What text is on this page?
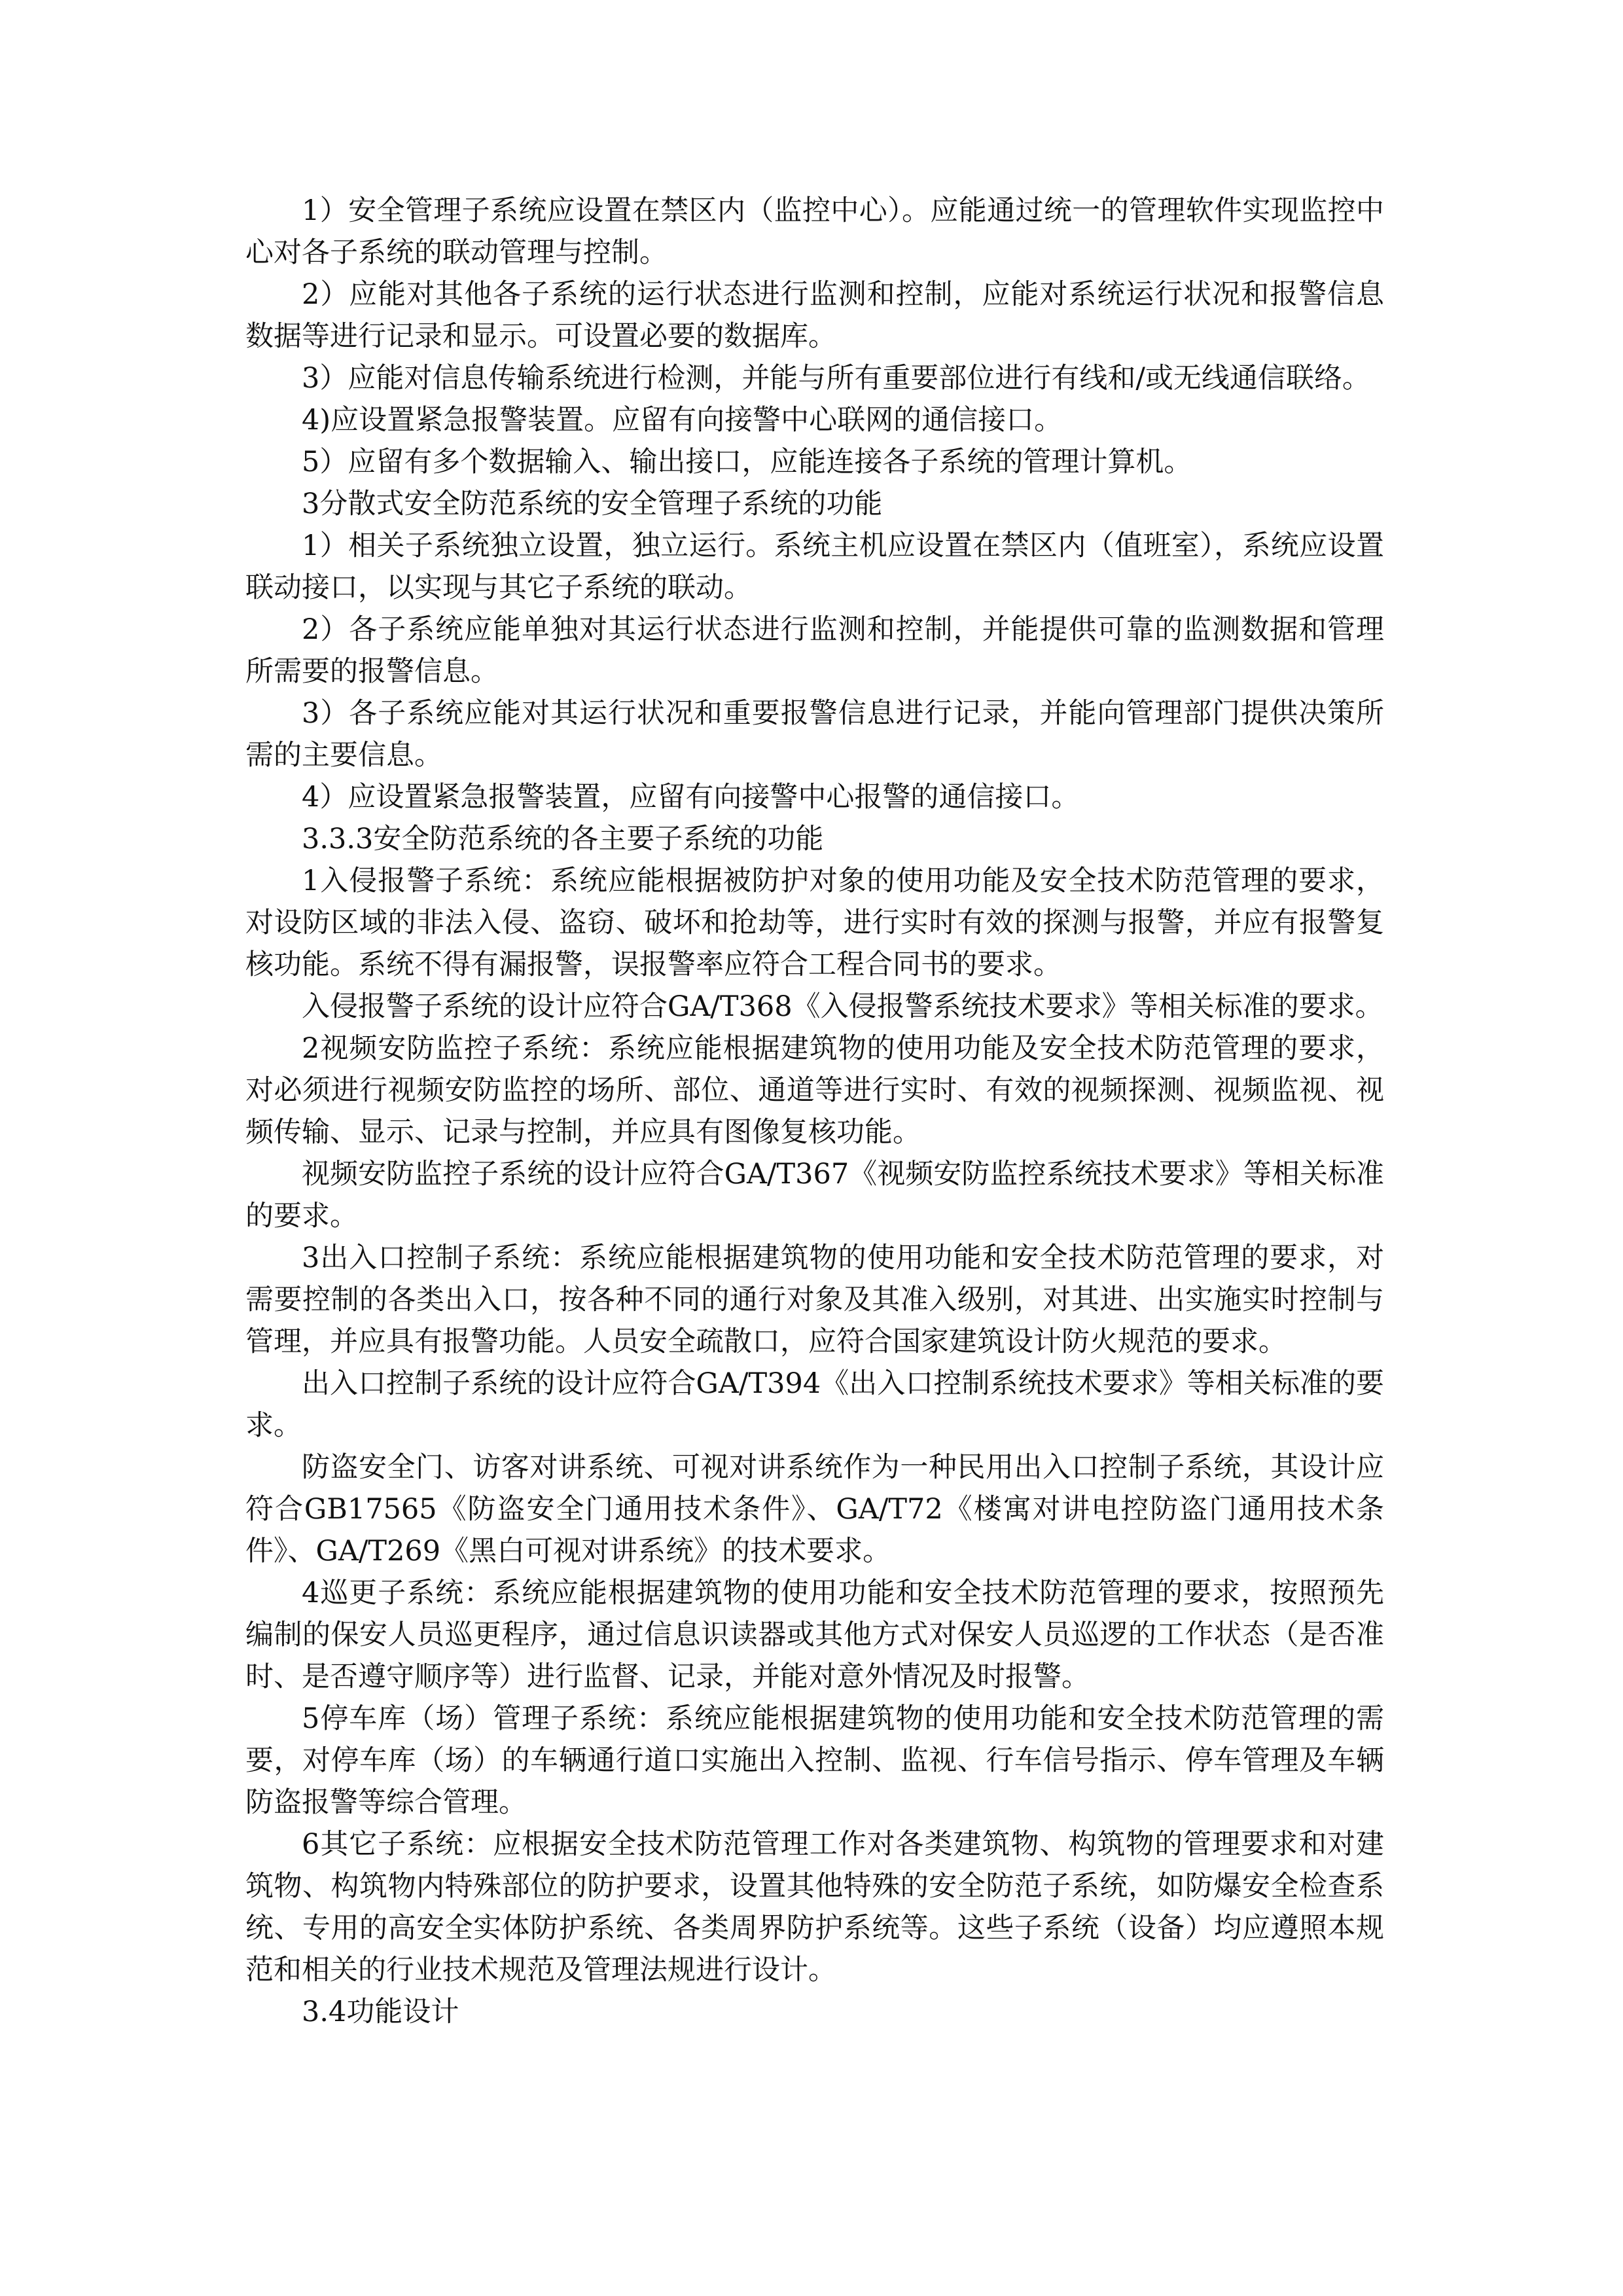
1）安全管理子系统应设置在禁区内（监控中心）。应能通过统一的管理软件实现监控中心对各子系统的联动管理与控制。

2）应能对其他各子系统的运行状态进行监测和控制，应能对系统运行状况和报警信息数据等进行记录和显示。可设置必要的数据库。

3）应能对信息传输系统进行检测，并能与所有重要部位进行有线和/或无线通信联络。

4)应设置紧急报警装置。应留有向接警中心联网的通信接口。

5）应留有多个数据输入、输出接口，应能连接各子系统的管理计算机。

3分散式安全防范系统的安全管理子系统的功能

1）相关子系统独立设置，独立运行。系统主机应设置在禁区内（值班室），系统应设置联动接口，以实现与其它子系统的联动。

2）各子系统应能单独对其运行状态进行监测和控制，并能提供可靠的监测数据和管理所需要的报警信息。

3）各子系统应能对其运行状况和重要报警信息进行记录，并能向管理部门提供决策所需的主要信息。

4）应设置紧急报警装置，应留有向接警中心报警的通信接口。

3.3.3安全防范系统的各主要子系统的功能

1入侵报警子系统：系统应能根据被防护对象的使用功能及安全技术防范管理的要求，对设防区域的非法入侵、盗窃、破坏和抢劫等，进行实时有效的探测与报警，并应有报警复核功能。系统不得有漏报警，误报警率应符合工程合同书的要求。

入侵报警子系统的设计应符合GA/T368《入侵报警系统技术要求》等相关标准的要求。

2视频安防监控子系统：系统应能根据建筑物的使用功能及安全技术防范管理的要求，对必须进行视频安防监控的场所、部位、通道等进行实时、有效的视频探测、视频监视、视频传输、显示、记录与控制，并应具有图像复核功能。

视频安防监控子系统的设计应符合GA/T367《视频安防监控系统技术要求》等相关标准的要求。

3出入口控制子系统：系统应能根据建筑物的使用功能和安全技术防范管理的要求，对需要控制的各类出入口，按各种不同的通行对象及其准入级别，对其进、出实施实时控制与管理，并应具有报警功能。人员安全疏散口，应符合国家建筑设计防火规范的要求。

出入口控制子系统的设计应符合GA/T394《出入口控制系统技术要求》等相关标准的要求。

防盗安全门、访客对讲系统、可视对讲系统作为一种民用出入口控制子系统，其设计应符合GB17565《防盗安全门通用技术条件》、GA/T72《楼寓对讲电控防盗门通用技术条件》、GA/T269《黑白可视对讲系统》的技术要求。

4巡更子系统：系统应能根据建筑物的使用功能和安全技术防范管理的要求，按照预先编制的保安人员巡更程序，通过信息识读器或其他方式对保安人员巡逻的工作状态（是否准时、是否遵守顺序等）进行监督、记录，并能对意外情况及时报警。

5停车库（场）管理子系统：系统应能根据建筑物的使用功能和安全技术防范管理的需要，对停车库（场）的车辆通行道口实施出入控制、监视、行车信号指示、停车管理及车辆防盗报警等综合管理。

6其它子系统：应根据安全技术防范管理工作对各类建筑物、构筑物的管理要求和对建筑物、构筑物内特殊部位的防护要求，设置其他特殊的安全防范子系统，如防爆安全检查系统、专用的高安全实体防护系统、各类周界防护系统等。这些子系统（设备）均应遵照本规范和相关的行业技术规范及管理法规进行设计。

3.4功能设计
